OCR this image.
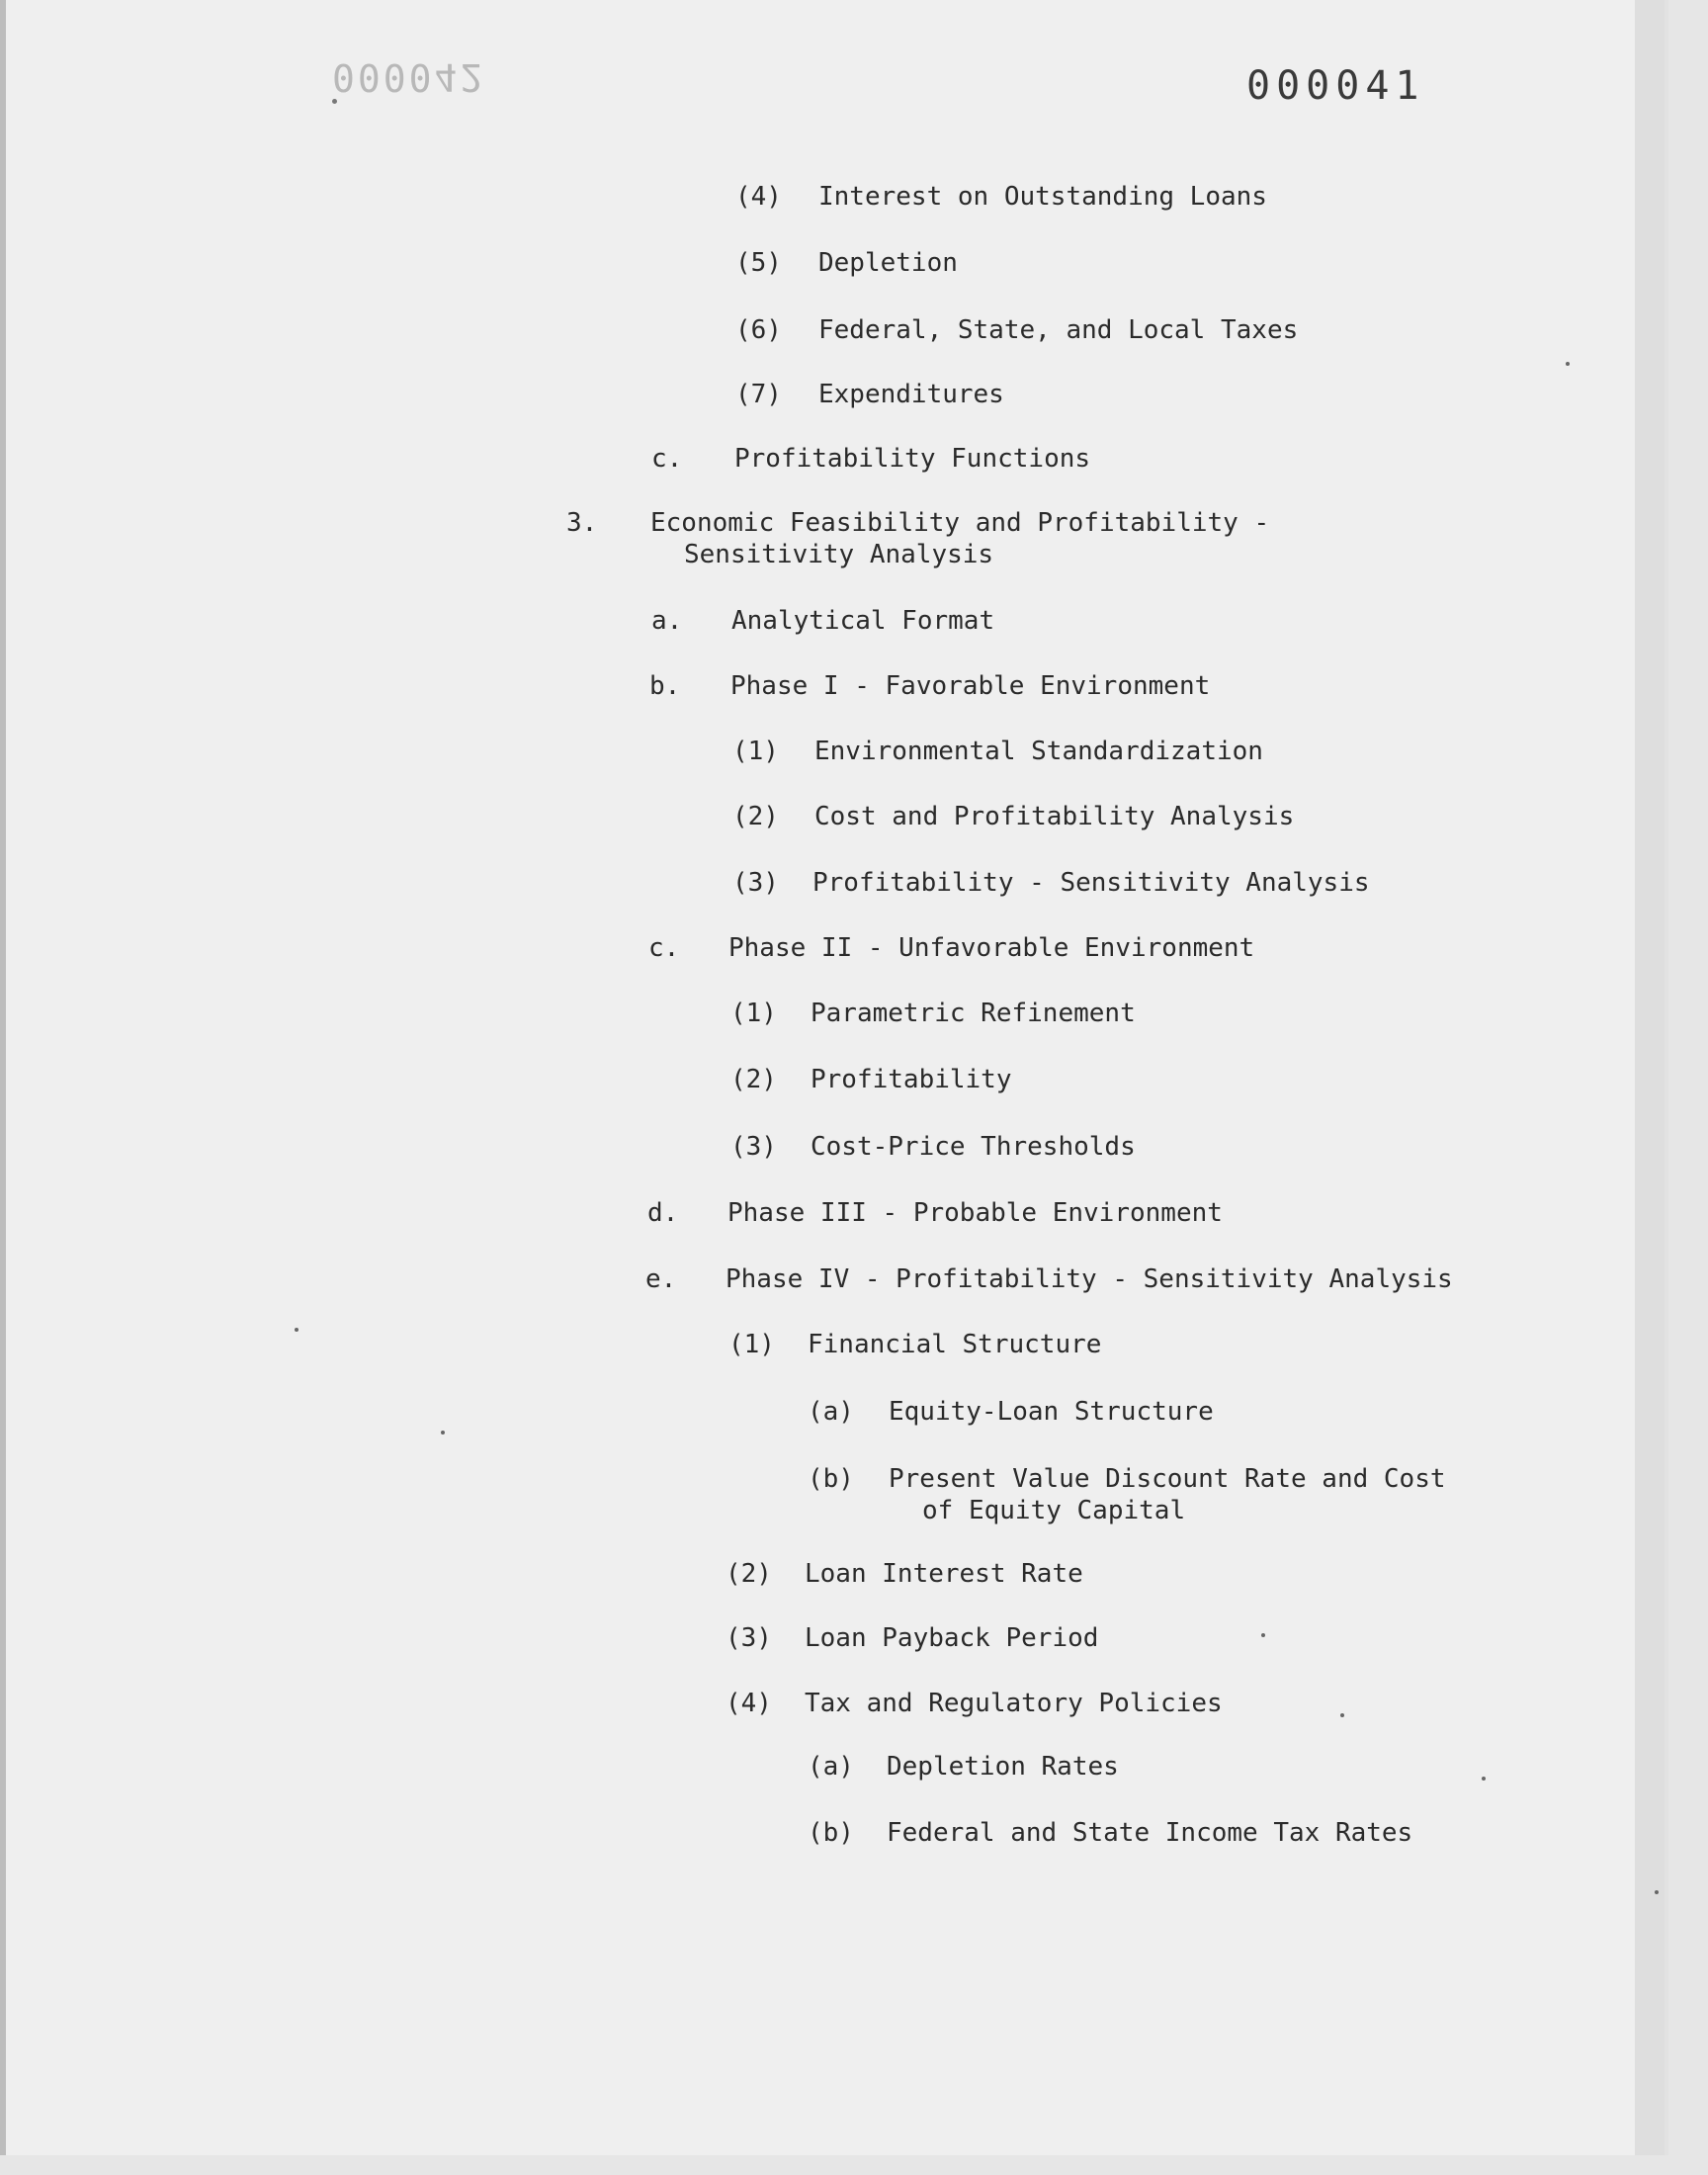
000042	000041
(4) Interest on Outstanding Loans
(5) Depletion
(6) Federal, State, and Local Taxes
(7) Expenditures
c. Profitability Functions
3. Economic Feasibility and Profitability -
Sensitivity Analysis
a. Analytical Format
b. Phase I - Favorable Environment
(1) Environmental Standardization
(2) Cost and Profitability Analysis
(3) Profitability - Sensitivity Analysis
c. Phase II - Unfavorable Environment
(1) Parametric Refinement
(2) Profitability
(3) Cost-Price Thresholds
d. Phase III - Probable Environment
e. Phase IV - Profitability - Sensitivity Analysis
(1) Financial Structure
(a) Equity-Loan Structure
(b) Present Value Discount Rate and Cost
of Equity Capital
(2) Loan Interest Rate
(3) Loan Payback Period
(4) Tax and Regulatory Policies
(a) Depletion Rates
(b) Federal and State Income Tax Rates
